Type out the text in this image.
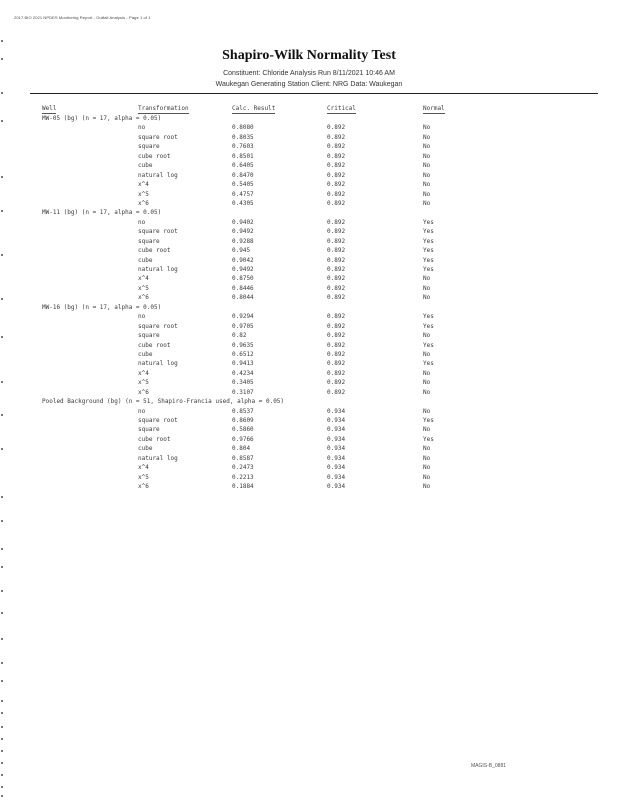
2017 BIO 2021 NPDES Monitoring Report - Outfall Analysis - Page 1 of 1
Shapiro-Wilk Normality Test
Constituent: Chloride Analysis Run 8/11/2021 10:46 AM
Waukegan Generating Station Client: NRG Data: Waukegan
Well	Transformation	Calc. Result	Critical	Normal
MW-05 (bg) (n = 17, alpha = 0.05)
no	0.8080	0.892	No
square root	0.8035	0.892	No
square	0.7603	0.892	No
cube root	0.8501	0.892	No
cube	0.6405	0.892	No
natural log	0.8470	0.892	No
x^4	0.5405	0.892	No
x^5	0.4757	0.892	No
x^6	0.4305	0.892	No
MW-11 (bg) (n = 17, alpha = 0.05)
no	0.9402	0.892	Yes
square root	0.9492	0.892	Yes
square	0.9288	0.892	Yes
cube root	0.945	0.892	Yes
cube	0.9042	0.892	Yes
natural log	0.9492	0.892	Yes
x^4	0.8750	0.892	No
x^5	0.8446	0.892	No
x^6	0.8044	0.892	No
MW-16 (bg) (n = 17, alpha = 0.05)
no	0.9294	0.892	Yes
square root	0.9705	0.892	Yes
square	0.82	0.892	No
cube root	0.9635	0.892	Yes
cube	0.6512	0.892	No
natural log	0.9413	0.892	Yes
x^4	0.4234	0.892	No
x^5	0.3405	0.892	No
x^6	0.3107	0.892	No
Pooled Background (bg) (n = 51, Shapiro-Francia used, alpha = 0.05)
no	0.8537	0.934	No
square root	0.8609	0.934	Yes
square	0.5860	0.934	No
cube root	0.9766	0.934	Yes
cube	0.804	0.934	No
natural log	0.8587	0.934	No
x^4	0.2473	0.934	No
x^5	0.2213	0.934	No
x^6	0.1884	0.934	No
MAGIS-B_0881
